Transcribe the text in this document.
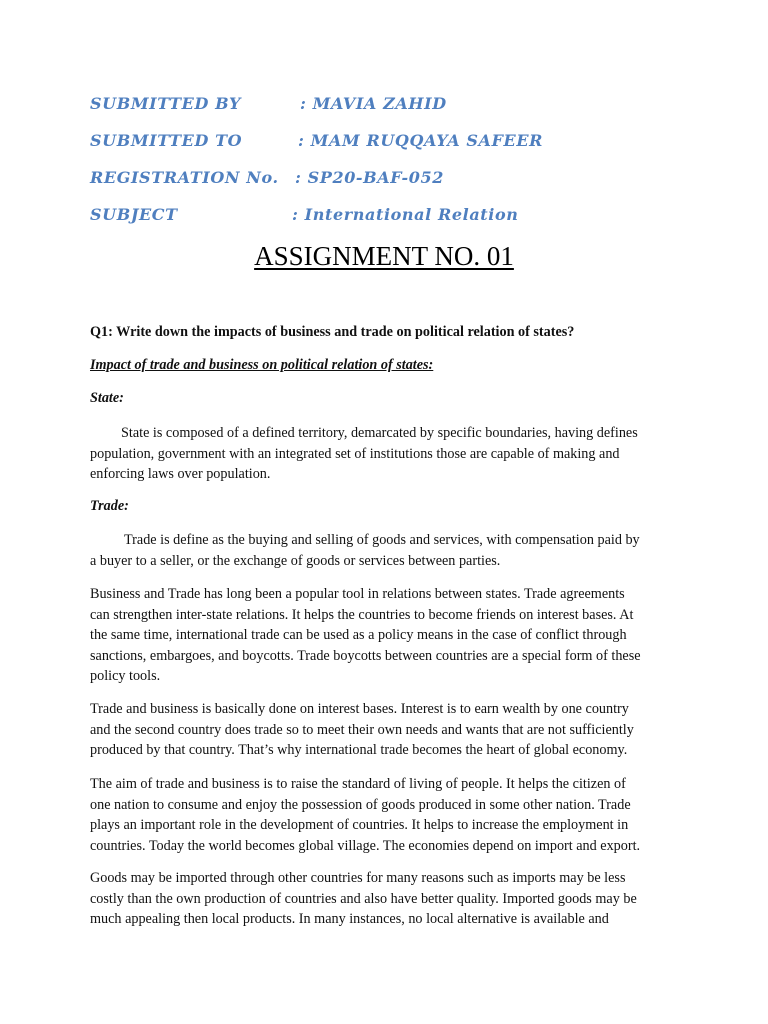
SUBMITTED BY	: MAVIA ZAHID
SUBMITTED TO	: MAM RUQQAYA SAFEER
REGISTRATION No. : SP20-BAF-052
SUBJECT	: International Relation
ASSIGNMENT NO. 01
Q1: Write down the impacts of business and trade on political relation of states?
Impact of trade and business on political relation of states:
State:

State is composed of a defined territory, demarcated by specific boundaries, having defines
population, government with an integrated set of institutions those are capable of making and
enforcing laws over population.

Trade:

Trade is define as the buying and selling of goods and services, with compensation paid by
a buyer to a seller, or the exchange of goods or services between parties.

Business and Trade has long been a popular tool in relations between states. Trade agreements
can strengthen inter-state relations. It helps the countries to become friends on interest bases. At
the same time, international trade can be used as a policy means in the case of conflict through
sanctions, embargoes, and boycotts. Trade boycotts between countries are a special form of these
policy tools.

Trade and business is basically done on interest bases. Interest is to earn wealth by one country
and the second country does trade so to meet their own needs and wants that are not sufficiently
produced by that country. That’s why international trade becomes the heart of global economy.

The aim of trade and business is to raise the standard of living of people. It helps the citizen of
one nation to consume and enjoy the possession of goods produced in some other nation. Trade
plays an important role in the development of countries. It helps to increase the employment in
countries. Today the world becomes global village. The economies depend on import and export.

Goods may be imported through other countries for many reasons such as imports may be less
costly than the own production of countries and also have better quality. Imported goods may be
much appealing then local products. In many instances, no local alternative is available and
